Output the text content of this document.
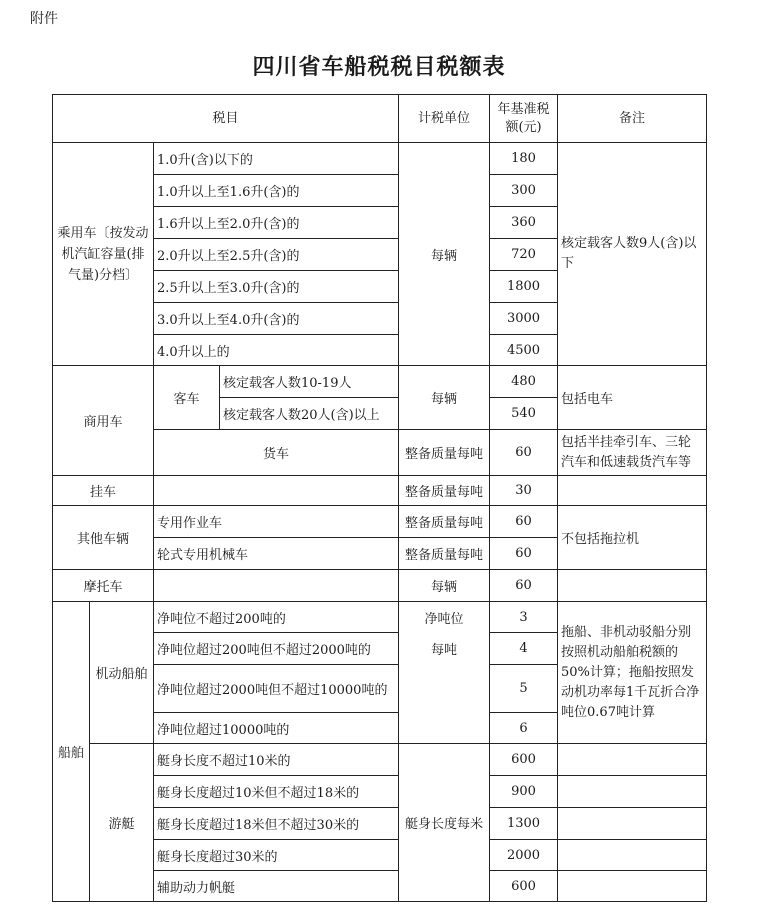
附件
四川省车船税税目税额表
税目				计税单位	年基准税额(元)	备注
乘用车〔按发动机汽缸容量(排气量)分档〕		1.0升(含)以下的		每辆	180	核定载客人数9人(含)以下
		1.0升以上至1.6升(含)的			300	
		1.6升以上至2.0升(含)的			360	
		2.0升以上至2.5升(含)的			720	
		2.5升以上至3.0升(含)的			1800	
		3.0升以上至4.0升(含)的			3000	
		4.0升以上的			4500	
商用车		客车	核定载客人数10-19人	每辆	480	包括电车
			核定载客人数20人(含)以上		540	
		货车		整备质量每吨	60	包括半挂牵引车、三轮汽车和低速载货汽车等
挂车				整备质量每吨	30	
其他车辆		专用作业车		整备质量每吨	60	不包括拖拉机
		轮式专用机械车		整备质量每吨	60	
摩托车				每辆	60	
船舶	机动船舶	净吨位不超过200吨的		净吨位	3	拖船、非机动驳船分别按照机动船舶税额的50%计算；拖船按照发动机功率每1千瓦折合净吨位0.67吨计算
		净吨位超过200吨但不超过2000吨的		每吨	4	
		净吨位超过2000吨但不超过10000吨的			5	
		净吨位超过10000吨的			6	
	游艇	艇身长度不超过10米的		艇身长度每米	600	
		艇身长度超过10米但不超过18米的			900	
		艇身长度超过18米但不超过30米的			1300	
		艇身长度超过30米的			2000	
		辅助动力帆艇			600	
